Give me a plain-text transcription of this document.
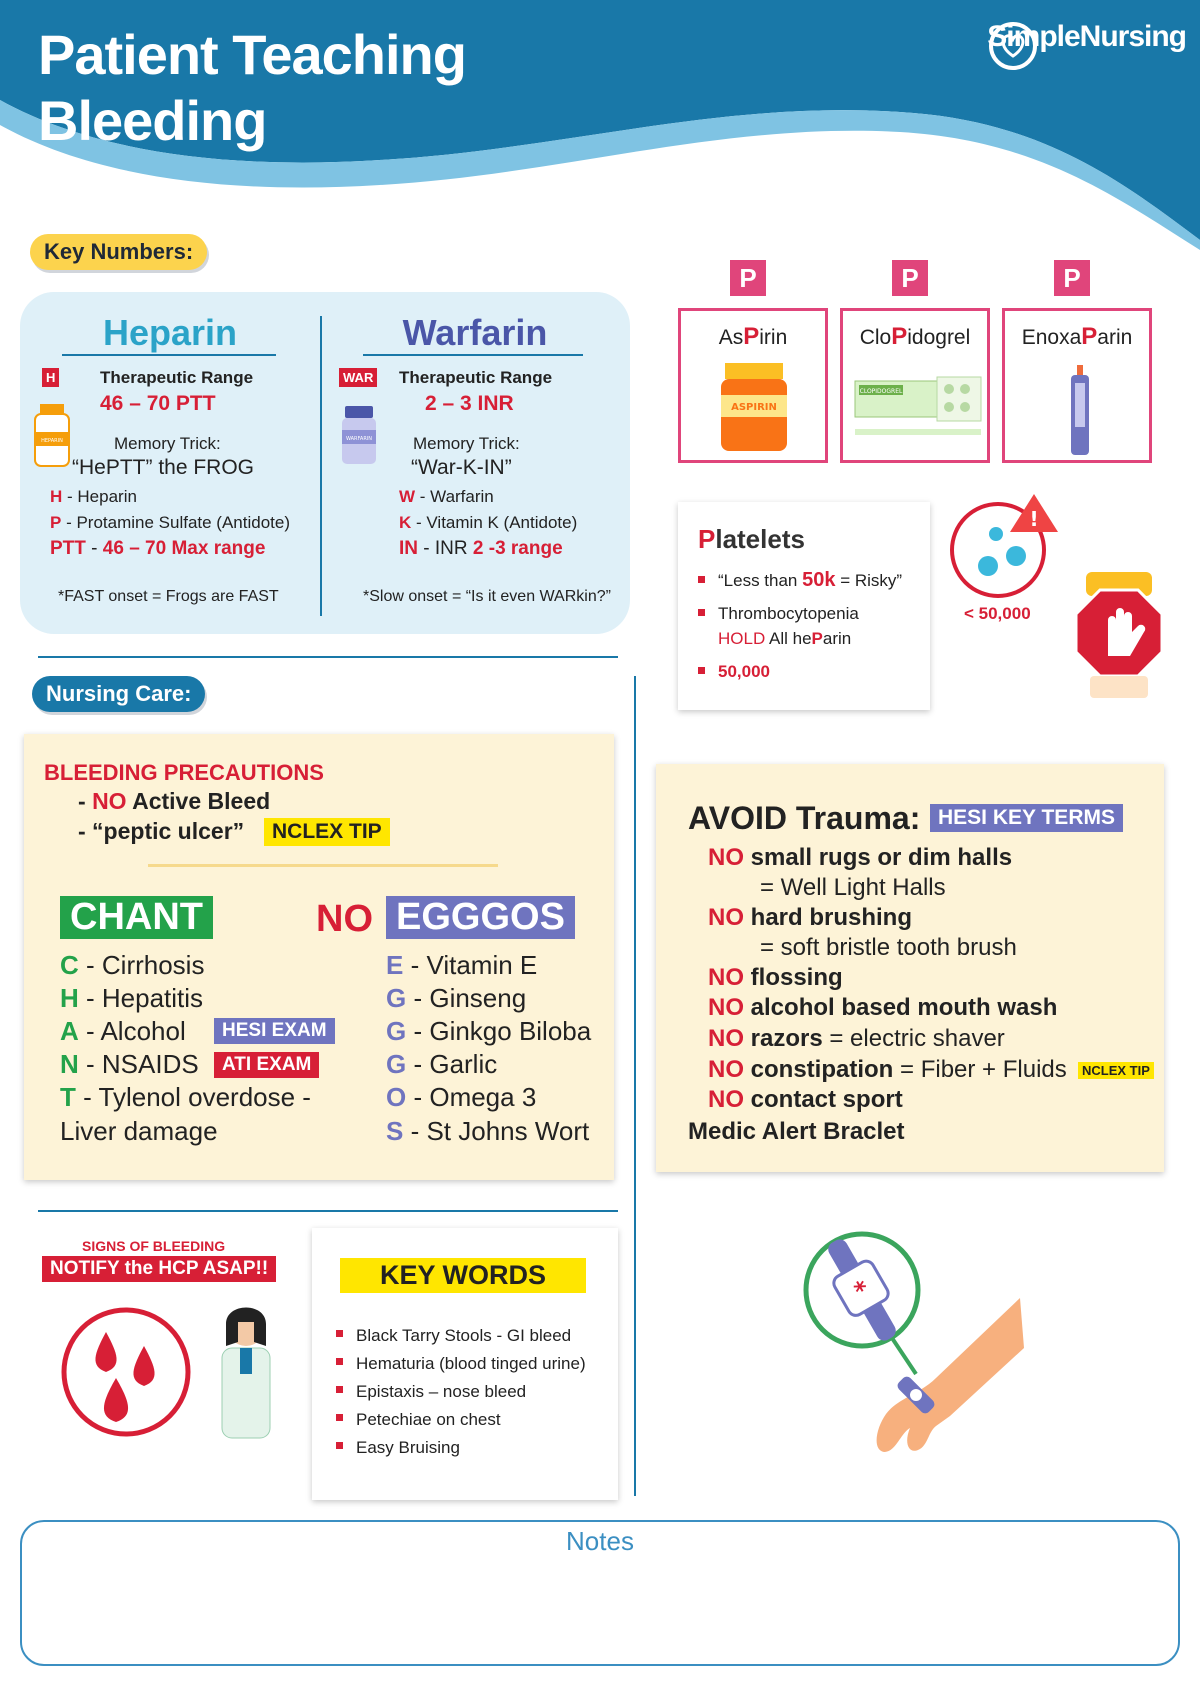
Patient Teaching
Bleeding
SimpleNursing
Key Numbers:
Heparin
H	Therapeutic Range
46 – 70 PTT
HEPARIN	Memory Trick:
“HePTT” the FROG
H - Heparin
P - Protamine Sulfate (Antidote)
PTT - 46 – 70 Max range
*FAST onset = Frogs are FAST
Warfarin
WAR Therapeutic Range
2 – 3 INR
WARFARIN Memory Trick:
“War-K-IN”
W - Warfarin
K - Vitamin K (Antidote)
IN - INR 2 -3 range
*Slow onset = “Is it even WARkin?”
P
AsPirin
ASPIRIN
P
CloPidogrel
CLOPIDOGREL
P
EnoxaParin
Platelets
“Less than 50k = Risky”
Thrombocytopenia
HOLD All heParin
50,000
!
< 50,000
Nursing Care:
BLEEDING PRECAUTIONS
- NO Active Bleed
- “peptic ulcer”	NCLEX TIP
CHANT	NO EGGGOS
C - Cirrhosis
H - Hepatitis
A - Alcohol	HESI EXAM
N - NSAIDS	ATI EXAM
T - Tylenol overdose -
Liver damage
E - Vitamin E
G - Ginseng
G - Ginkgo Biloba
G - Garlic
O - Omega 3
S - St Johns Wort
AVOID Trauma: HESI KEY TERMS
NO small rugs or dim halls
= Well Light Halls
NO hard brushing
= soft bristle tooth brush
NO flossing
NO alcohol based mouth wash
NO razors = electric shaver
NO constipation = Fiber + Fluids	NCLEX TIP
NO contact sport
Medic Alert Braclet
SIGNS OF BLEEDING
NOTIFY the HCP ASAP!!	KEY WORDS
Black Tarry Stools - GI bleed
Hematuria (blood tinged urine)
Epistaxis – nose bleed
Petechiae on chest
Easy Bruising
*
Notes
